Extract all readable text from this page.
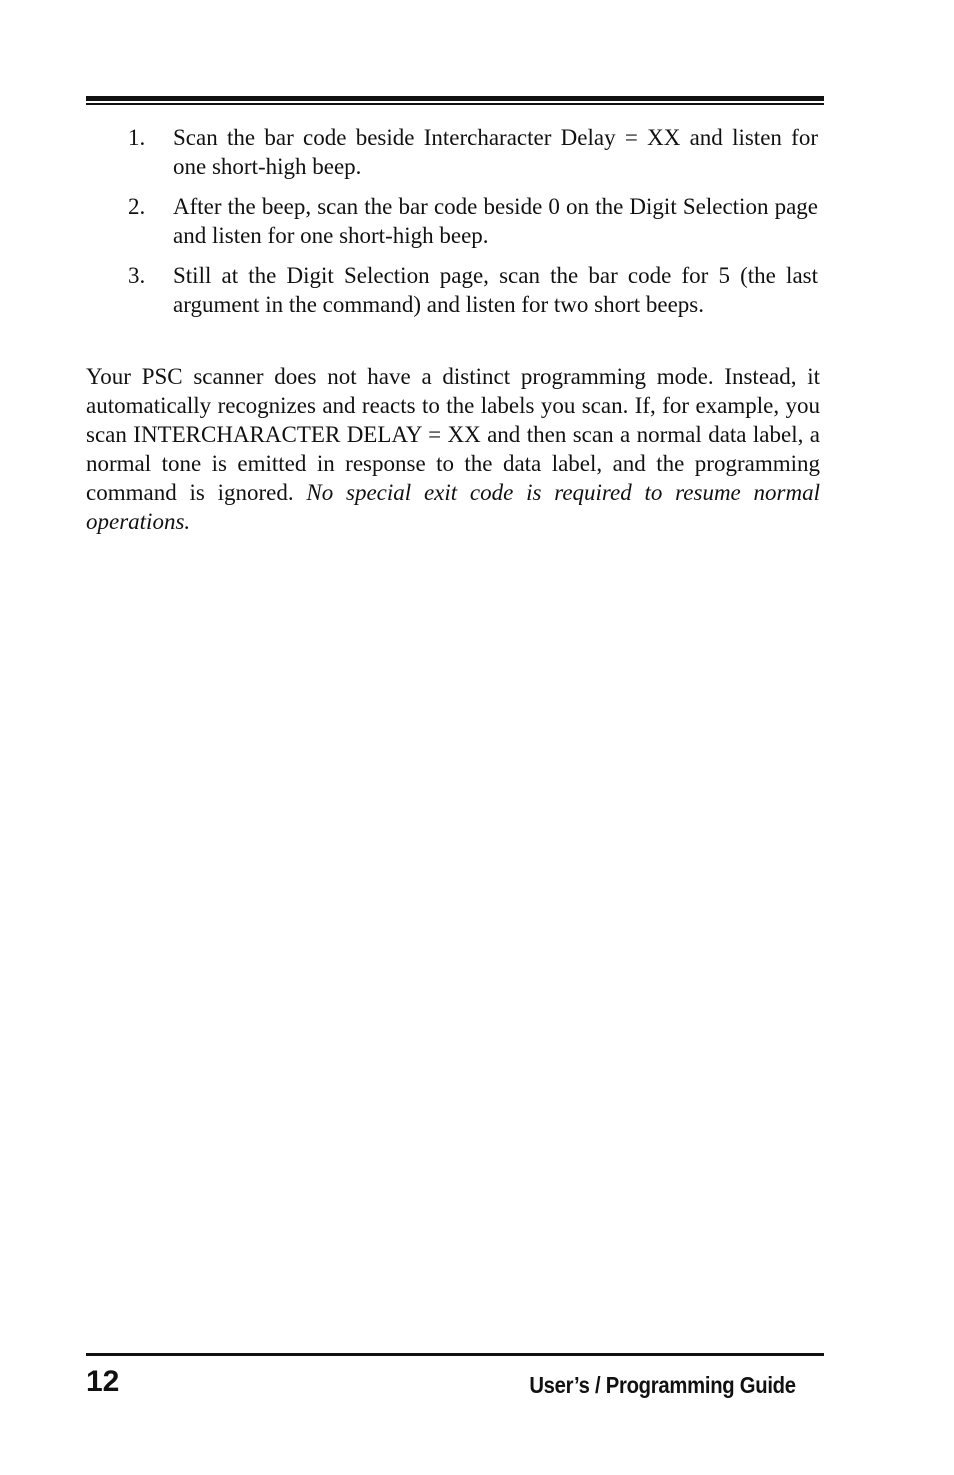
1. Scan the bar code beside Intercharacter Delay = XX and listen for one short-high beep.
2. After the beep, scan the bar code beside 0 on the Digit Selection page and listen for one short-high beep.
3. Still at the Digit Selection page, scan the bar code for 5 (the last argument in the command) and listen for two short beeps.

Your PSC scanner does not have a distinct programming mode. Instead, it automatically recognizes and reacts to the labels you scan. If, for example, you scan INTERCHARACTER DELAY = XX and then scan a normal data label, a normal tone is emitted in response to the data label, and the programming command is ignored. No special exit code is required to resume normal operations.

12	User’s / Programming Guide
